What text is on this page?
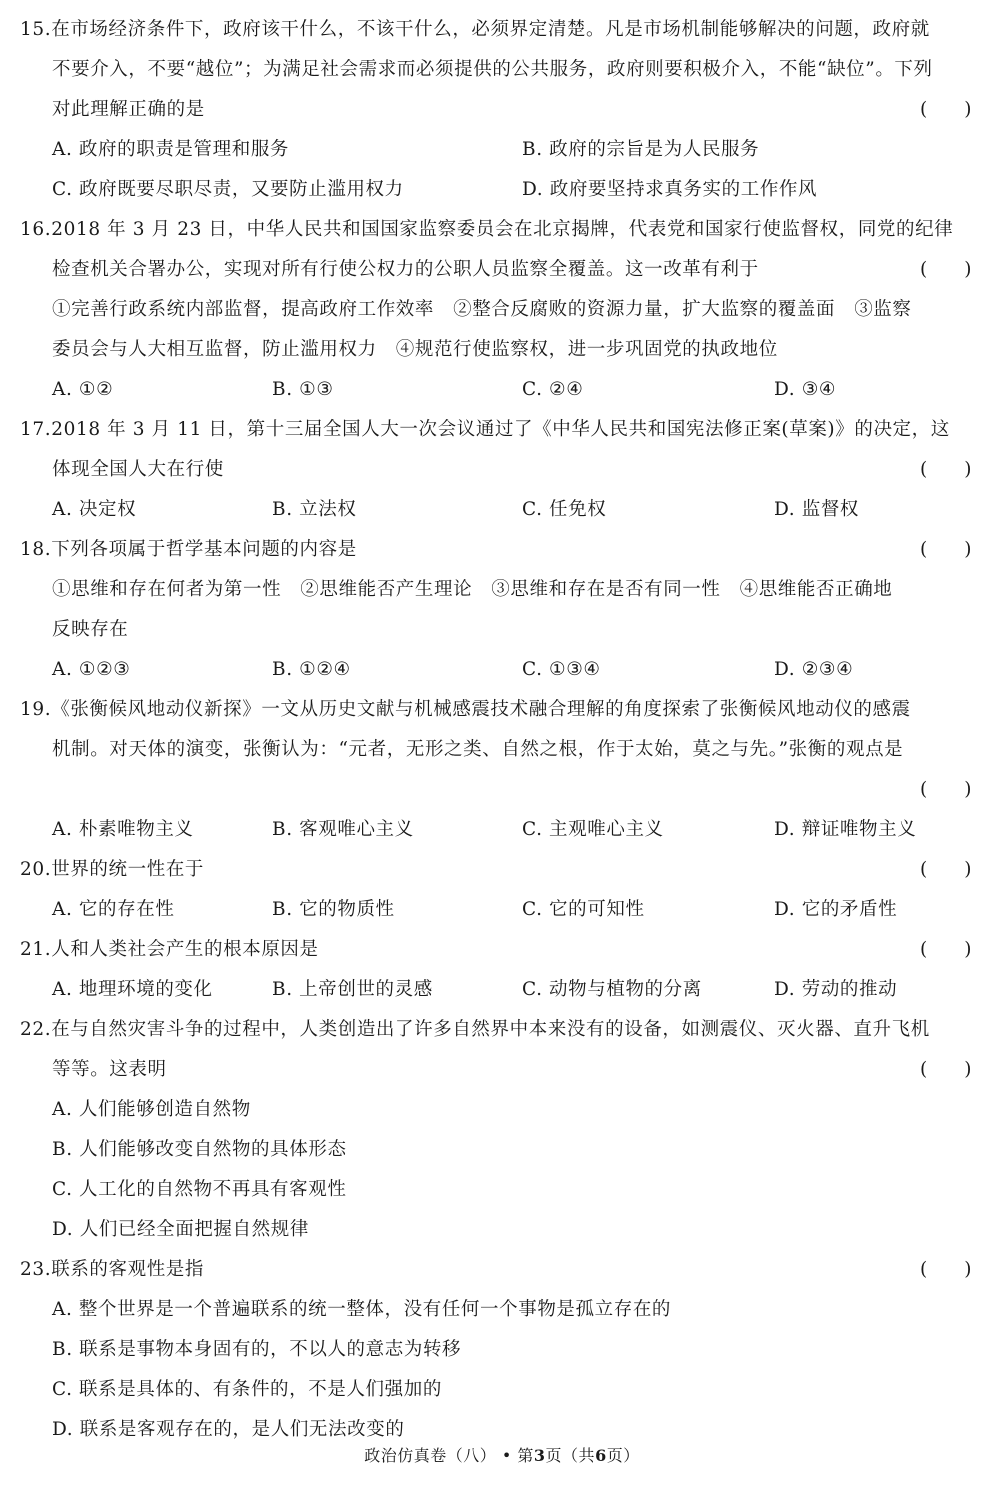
15.在市场经济条件下，政府该干什么，不该干什么，必须界定清楚。凡是市场机制能够解决的问题，政府就
不要介入，不要“越位”；为满足社会需求而必须提供的公共服务，政府则要积极介入，不能“缺位”。下列
对此理解正确的是	(　　)
A. 政府的职责是管理和服务	B. 政府的宗旨是为人民服务
C. 政府既要尽职尽责，又要防止滥用权力	D. 政府要坚持求真务实的工作作风
16.2018 年 3 月 23 日，中华人民共和国国家监察委员会在北京揭牌，代表党和国家行使监督权，同党的纪律
检查机关合署办公，实现对所有行使公权力的公职人员监察全覆盖。这一改革有利于	(　　)
①完善行政系统内部监督，提高政府工作效率　②整合反腐败的资源力量，扩大监察的覆盖面　③监察
委员会与人大相互监督，防止滥用权力　④规范行使监察权，进一步巩固党的执政地位
A. ①②	B. ①③	C. ②④	D. ③④
17.2018 年 3 月 11 日，第十三届全国人大一次会议通过了《中华人民共和国宪法修正案(草案)》的决定，这
体现全国人大在行使	(　　)
A. 决定权	B. 立法权	C. 任免权	D. 监督权
18.下列各项属于哲学基本问题的内容是	(　　)
①思维和存在何者为第一性　②思维能否产生理论　③思维和存在是否有同一性　④思维能否正确地
反映存在
A. ①②③	B. ①②④	C. ①③④	D. ②③④
19.《张衡候风地动仪新探》一文从历史文献与机械感震技术融合理解的角度探索了张衡候风地动仪的感震
机制。对天体的演变，张衡认为：“元者，无形之类、自然之根，作于太始，莫之与先。”张衡的观点是
(　　)
A. 朴素唯物主义	B. 客观唯心主义	C. 主观唯心主义	D. 辩证唯物主义
20.世界的统一性在于	(　　)
A. 它的存在性	B. 它的物质性	C. 它的可知性	D. 它的矛盾性
21.人和人类社会产生的根本原因是	(　　)
A. 地理环境的变化	B. 上帝创世的灵感	C. 动物与植物的分离	D. 劳动的推动
22.在与自然灾害斗争的过程中，人类创造出了许多自然界中本来没有的设备，如测震仪、灭火器、直升飞机
等等。这表明	(　　)
A. 人们能够创造自然物
B. 人们能够改变自然物的具体形态
C. 人工化的自然物不再具有客观性
D. 人们已经全面把握自然规律
23.联系的客观性是指	(　　)
A. 整个世界是一个普遍联系的统一整体，没有任何一个事物是孤立存在的
B. 联系是事物本身固有的，不以人的意志为转移
C. 联系是具体的、有条件的，不是人们强加的
D. 联系是客观存在的，是人们无法改变的
政治仿真卷（八） • 第3页（共6页）
